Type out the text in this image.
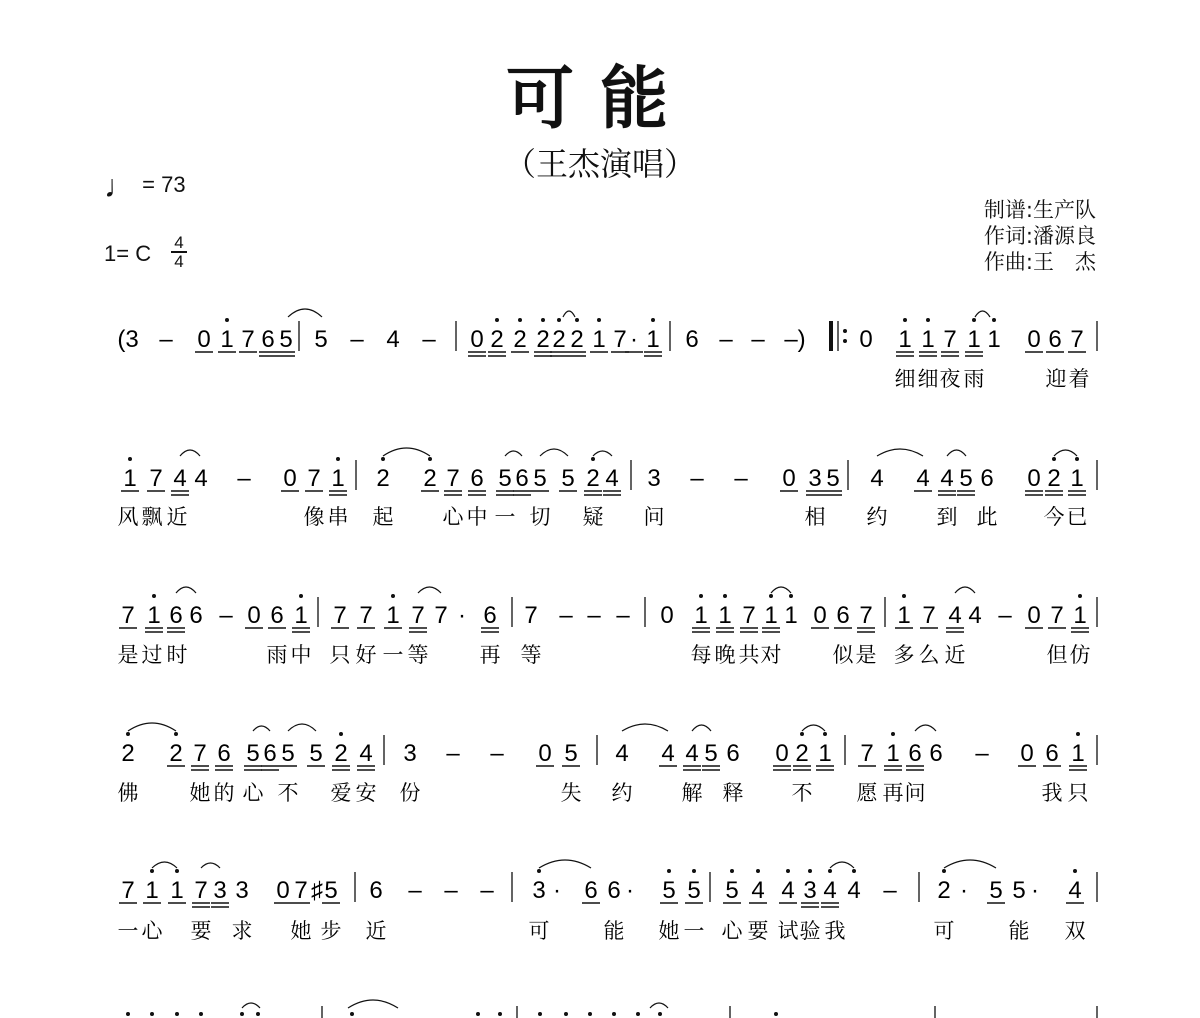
可能
（王杰演唱）
♩ = 73
1= C 4
4
制谱:生产队
作词:潘源良
作曲:王　杰
(3 – 0 1 7 6 5 5 – 4 – 0 2 2 2 2 2 1 7 · 1 6 – – –) 0 1 1 7 1 1 0 6 7
细 细 夜 雨	迎 着
1 7 4 4 – 0 7 1 2 2 7 6 5 6 5 5 2 4 3 – – 0 3 5 4 4 4 5 6 0 2 1
风 飘 近	像 串 起 心 中 一 切 疑 问	相 约 到 此 今 已
7 1 6 6 – 0 6 1 7 7 1 7 7 · 6 7 – – – 0 1 1 7 1 1 0 6 7 1 7 4 4 – 0 7 1
是 过 时	雨 中 只 好 一 等 再 等	每 晚 共 对 似 是 多 么 近	但 仿
2 2 7 6 5 6 5 5 2 4 3 – – 0 5 4 4 4 5 6 0 2 1 7 1 6 6 – 0 6 1
佛 她 的 心 不 爱 安 份	失 约 解 释 不 愿 再 问	我 只
7 1 1 7 3 3 0 7 ♯ 5 6 – – – 3 · 6 6 · 5 5 5 4 4 3 4 4 – 2 · 5 5 · 4
一 心 要 求 她 步 近	可	能 她 一 心 要 试 验 我	可	能 双
